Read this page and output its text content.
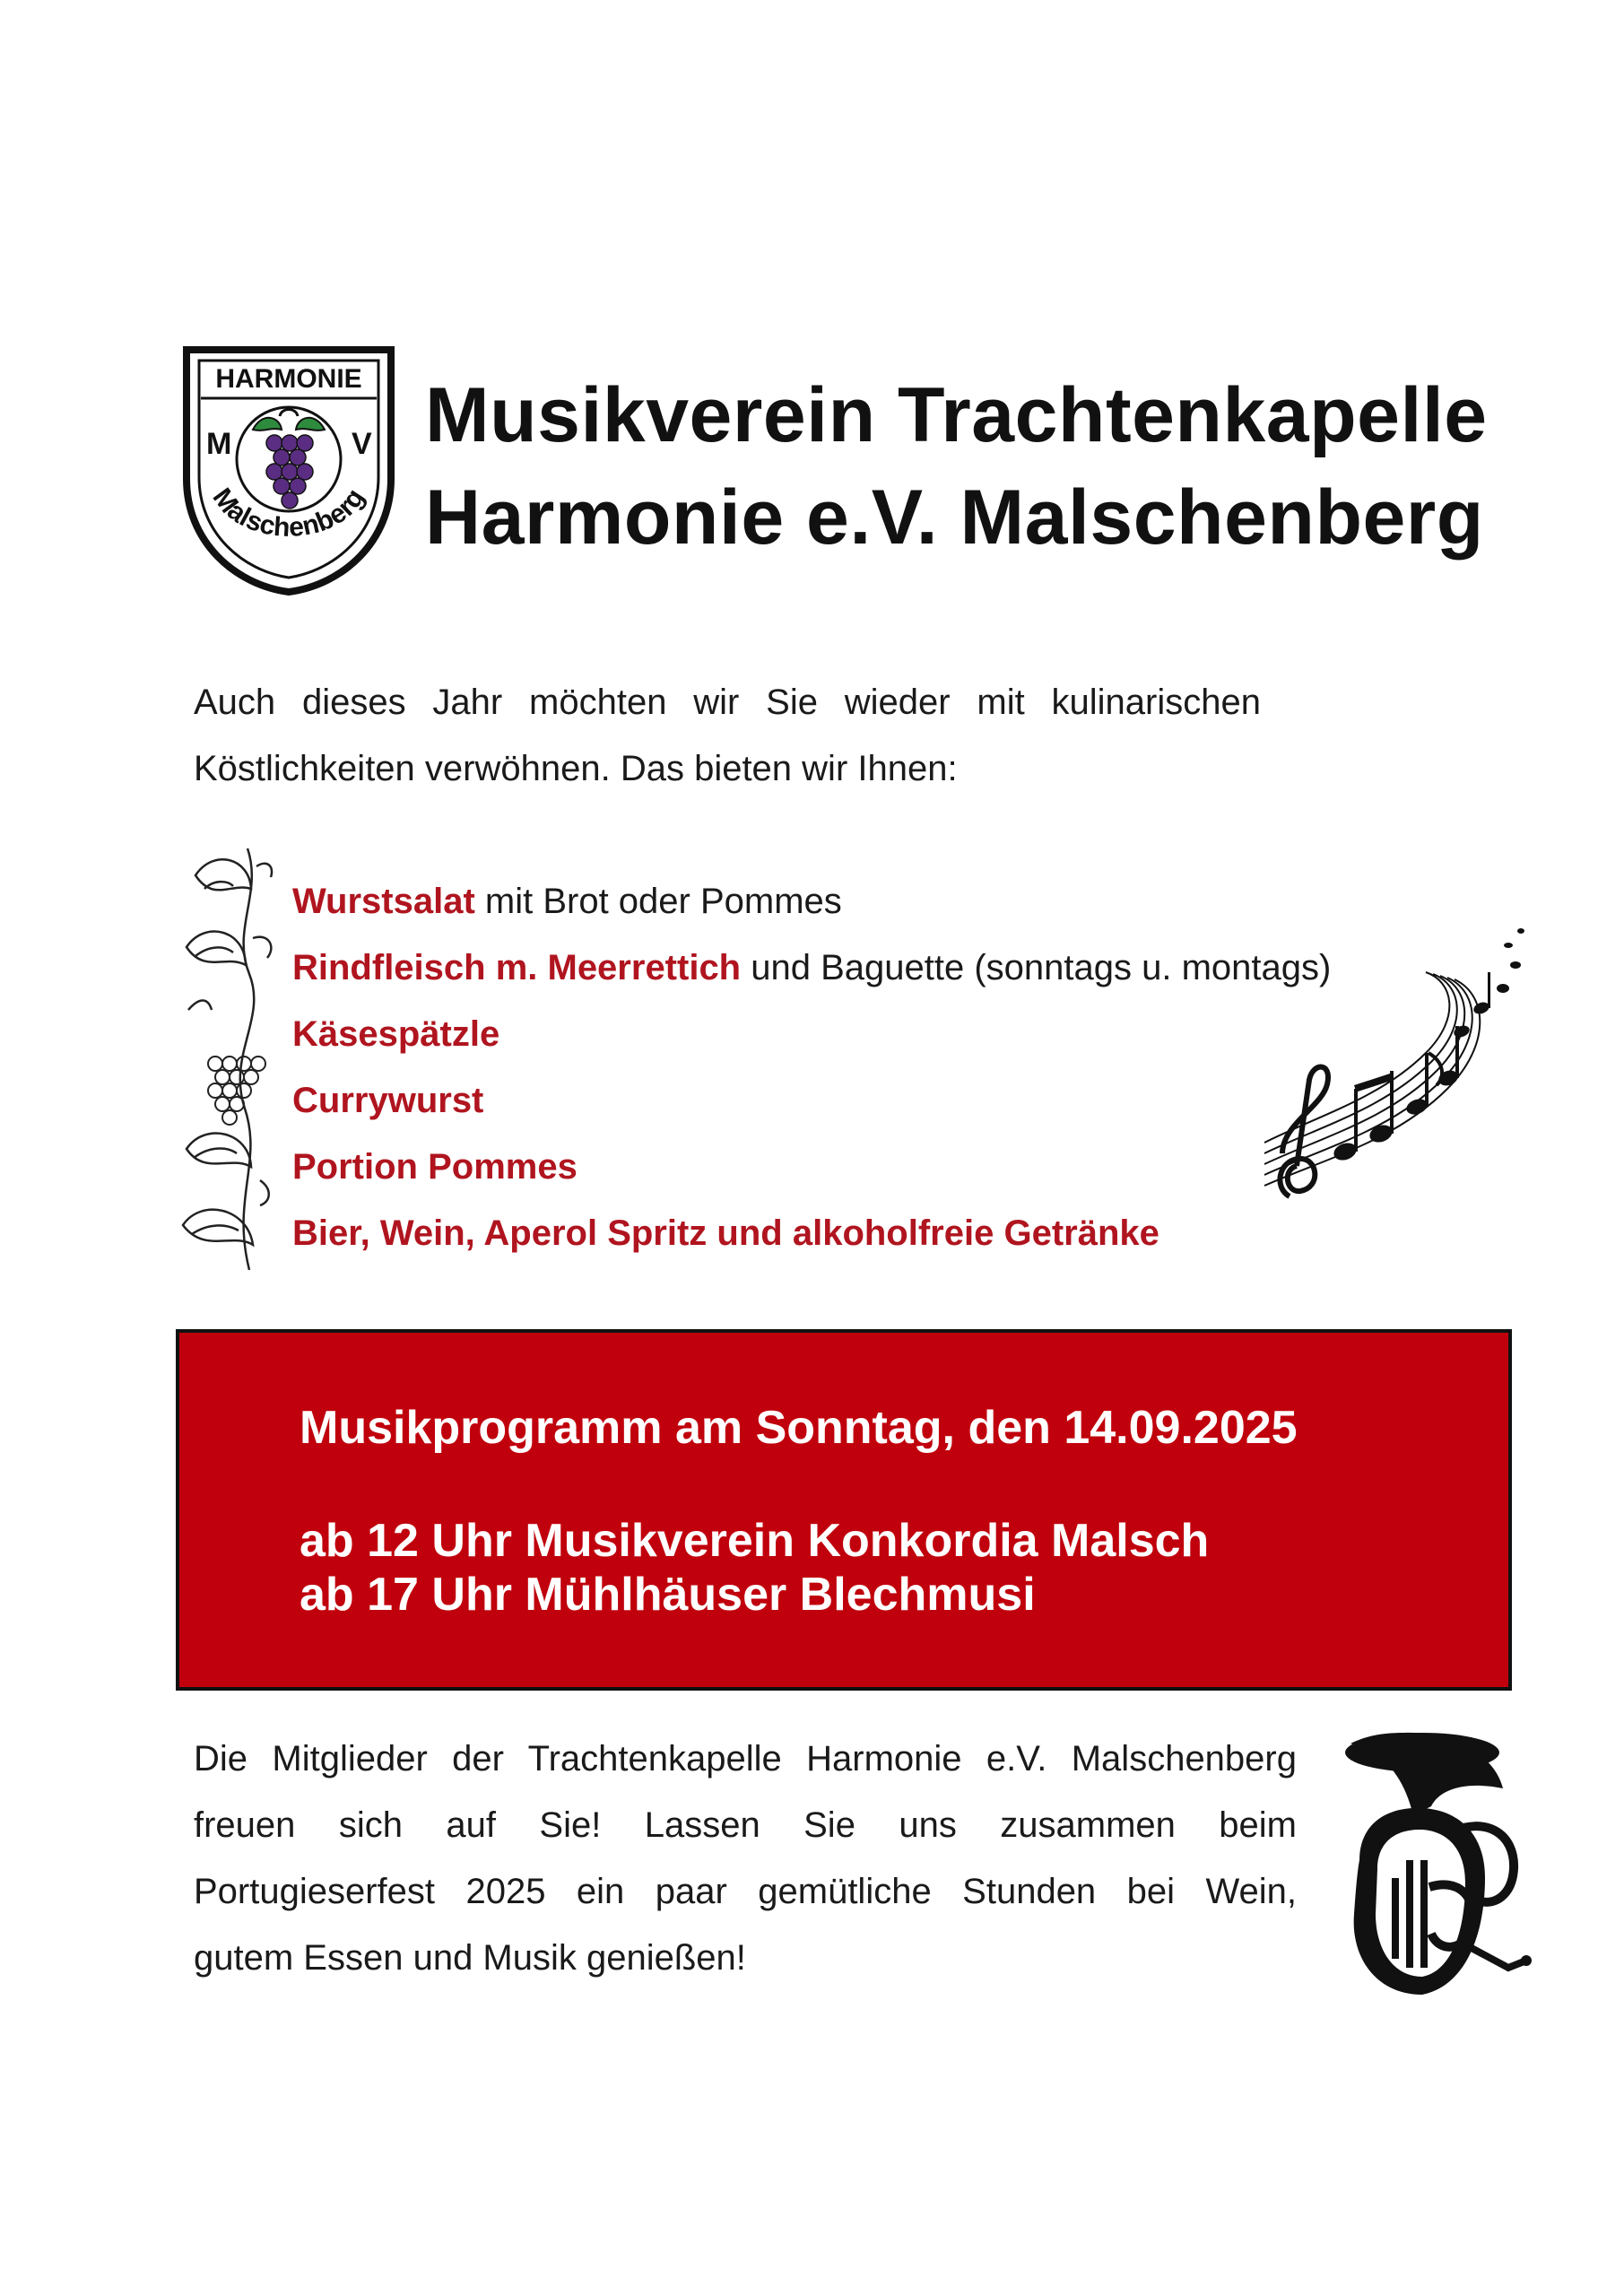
HARMONIE
M	V
Malschenberg
Musikverein Trachtenkapelle
Harmonie e.V. Malschenberg
Auch dieses Jahr möchten wir Sie wieder mit kulinarischen
Köstlichkeiten verwöhnen. Das bieten wir Ihnen:
Wurstsalat mit Brot oder Pommes
Rindfleisch m. Meerrettich und Baguette (sonntags u. montags)
Käsespätzle
Currywurst
Portion Pommes
Bier, Wein, Aperol Spritz und alkoholfreie Getränke
Musikprogramm am Sonntag, den 14.09.2025
ab 12 Uhr Musikverein Konkordia Malsch
ab 17 Uhr Mühlhäuser Blechmusi
Die Mitglieder der Trachtenkapelle Harmonie e.V. Malschenberg
freuen sich auf Sie! Lassen Sie uns zusammen beim
Portugieserfest 2025 ein paar gemütliche Stunden bei Wein,
gutem Essen und Musik genießen!
